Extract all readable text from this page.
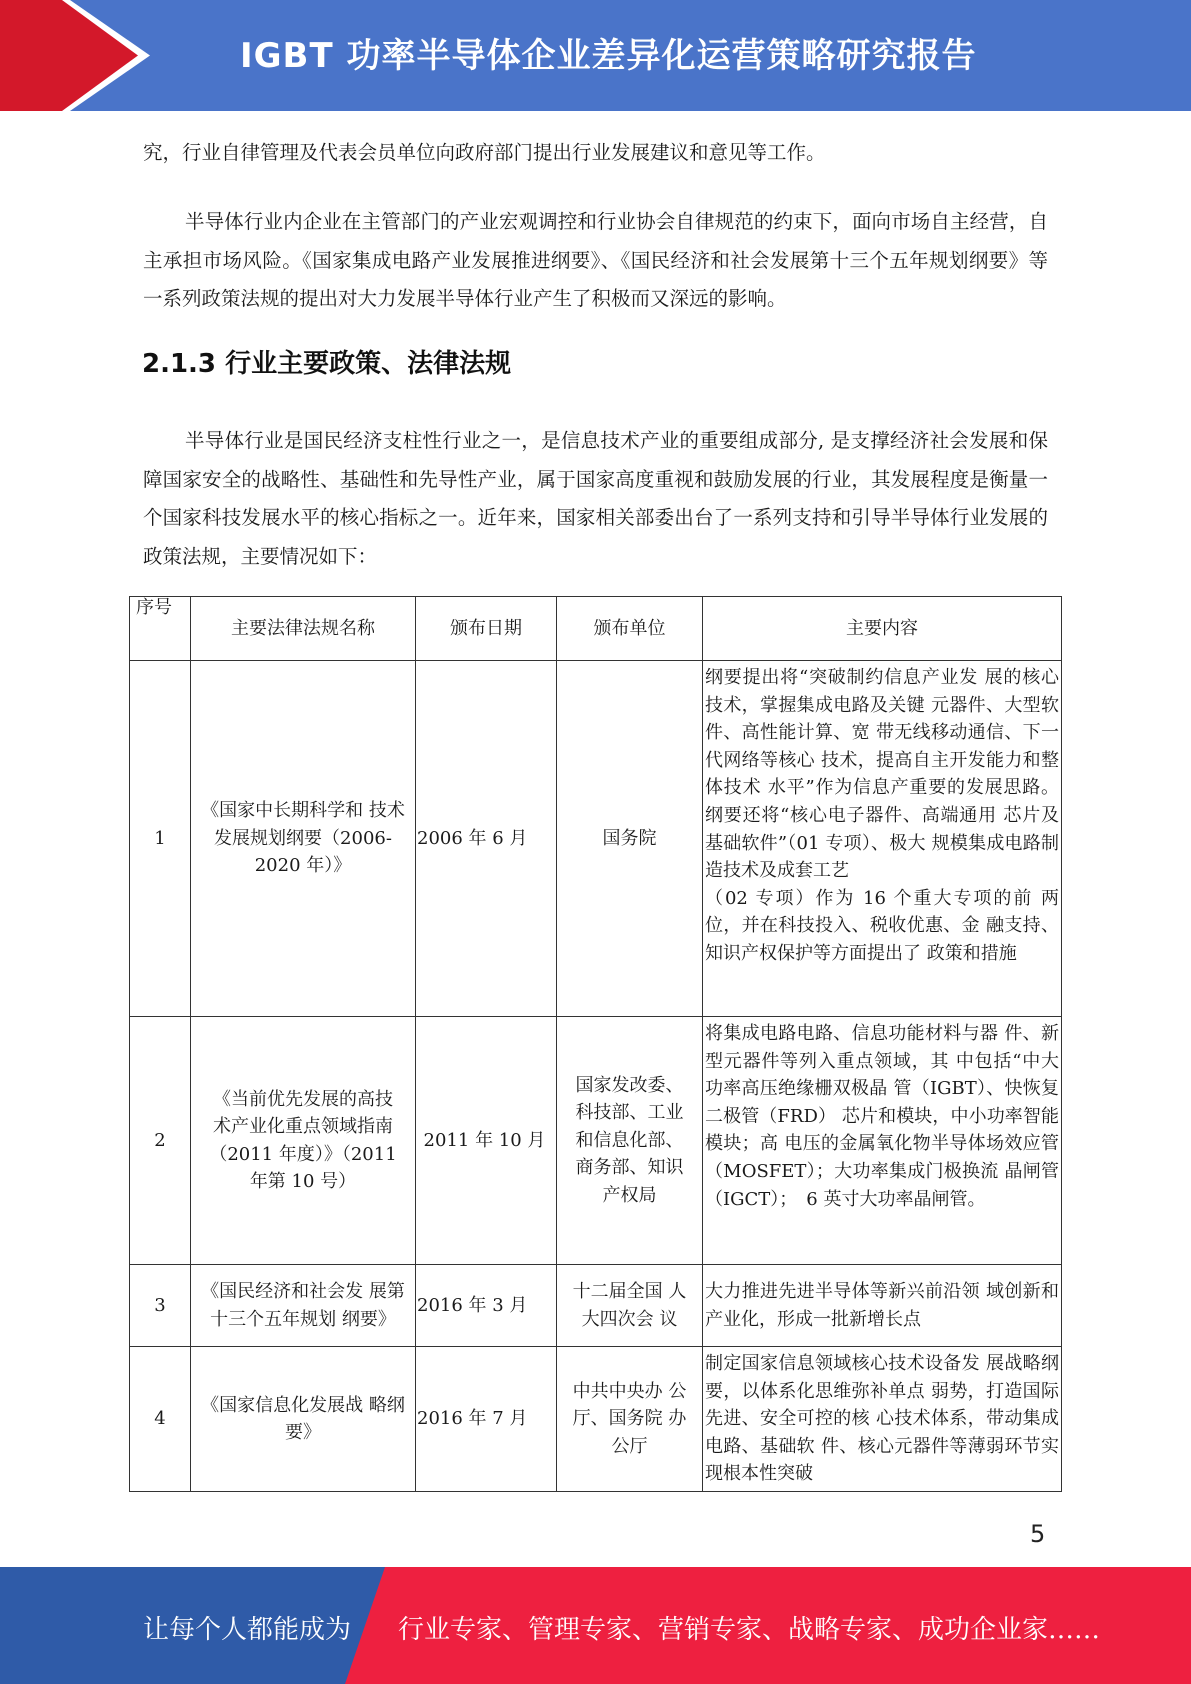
IGBT 功率半导体企业差异化运营策略研究报告

究，行业自律管理及代表会员单位向政府部门提出行业发展建议和意见等工作。

半导体行业内企业在主管部门的产业宏观调控和行业协会自律规范的约束下，面向市场自主经营，自主承担市场风险。《国家集成电路产业发展推进纲要》、《国民经济和社会发展第十三个五年规划纲要》等一系列政策法规的提出对大力发展半导体行业产生了积极而又深远的影响。

2.1.3 行业主要政策、法律法规

半导体行业是国民经济支柱性行业之一，是信息技术产业的重要组成部分, 是支撑经济社会发展和保障国家安全的战略性、基础性和先导性产业，属于国家高度重视和鼓励发展的行业，其发展程度是衡量一个国家科技发展水平的核心指标之一。近年来，国家相关部委出台了一系列支持和引导半导体行业发展的政策法规，主要情况如下：

序号	主要法律法规名称	颁布日期	颁布单位	主要内容
1	《国家中长期科学和 技术发展规划纲要（2006-2020 年）》	2006 年 6 月	国务院	纲要提出将“突破制约信息产业发 展的核心技术，掌握集成电路及关键 元器件、大型软件、高性能计算、宽 带无线移动通信、下一代网络等核心 技术，提高自主开发能力和整体技术 水平”作为信息产重要的发展思路。 纲要还将“核心电子器件、高端通用 芯片及基础软件”（01 专项）、极大 规模集成电路制造技术及成套工艺
（02 专项）作为 16 个重大专项的前 两位，并在科技投入、税收优惠、金 融支持、知识产权保护等方面提出了 政策和措施

2	《当前优先发展的高技术产业化重点领域指南（2011 年度）》（2011 年第 10 号）	2011 年 10 月	国家发改委、科技部、工业和信息化部、商务部、知识产权局	将集成电路电路、信息功能材料与器 件、新型元器件等列入重点领域，其 中包括“中大功率高压绝缘栅双极晶 管（IGBT）、快恢复二极管（FRD） 芯片和模块，中小功率智能模块；高 电压的金属氧化物半导体场效应管（MOSFET）；大功率集成门极换流 晶闸管（IGCT）；　6 英寸大功率晶闸管。
3	《国民经济和社会发 展第十三个五年规划 纲要》	2016 年 3 月	十二届全国 人大四次会 议	大力推进先进半导体等新兴前沿领 域创新和产业化，形成一批新增长点
4	《国家信息化发展战 略纲要》	2016 年 7 月	中共中央办 公厅、国务院 办公厅	制定国家信息领域核心技术设备发 展战略纲要，以体系化思维弥补单点 弱势，打造国际先进、安全可控的核 心技术体系，带动集成电路、基础软 件、核心元器件等薄弱环节实现根本性突破
5
让每个人都能成为 行业专家、管理专家、营销专家、战略专家、成功企业家……
